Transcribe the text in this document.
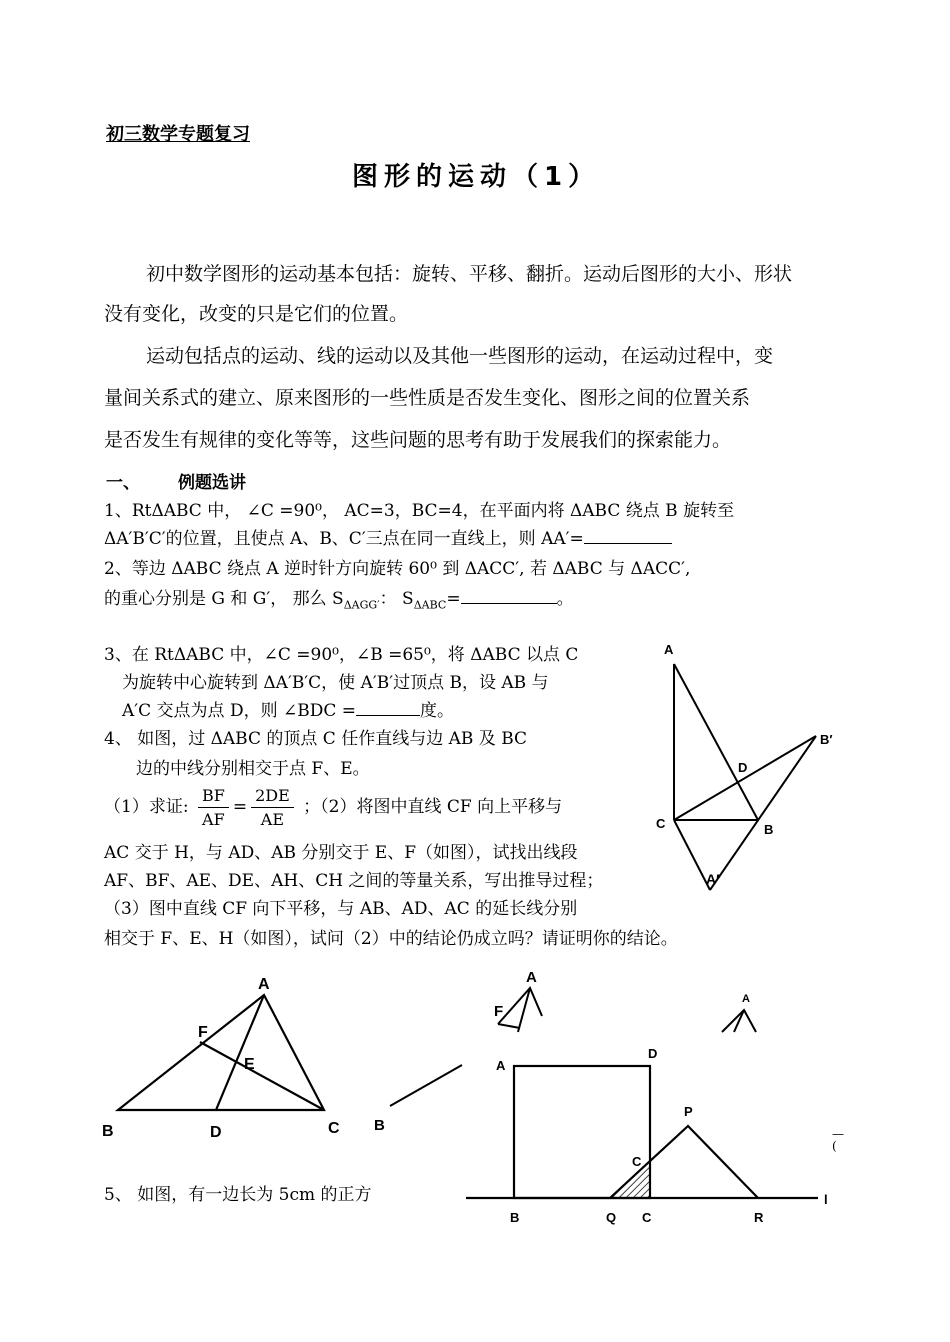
初三数学专题复习
图形的运动（1）
初中数学图形的运动基本包括：旋转、平移、翻折。运动后图形的大小、形状
没有变化，改变的只是它们的位置。
运动包括点的运动、线的运动以及其他一些图形的运动，在运动过程中，变
量间关系式的建立、原来图形的一些性质是否发生变化、图形之间的位置关系
是否发生有规律的变化等等，这些问题的思考有助于发展我们的探索能力。
一、 例题选讲
1、RtΔABC 中， ∠C =90⁰， AC=3，BC=4，在平面内将 ΔABC 绕点 B 旋转至
ΔA′B′C′的位置，且使点 A、B、C′三点在同一直线上，则 AA′=
2、等边 ΔABC 绕点 A 逆时针方向旋转 60⁰ 到 ΔACC′, 若 ΔABC 与 ΔACC′,
的重心分别是 G 和 G′， 那么 $S_{\Delta AGG'}$： $S_{\Delta ABC}=$	。
3、在 RtΔABC 中，∠C =90⁰，∠B =65⁰，将 ΔABC 以点 C
为旋转中心旋转到 ΔA′B′C，使 A′B′过顶点 B，设 AB 与
A′C 交点为点 D，则 ∠BDC =	度。
4、 如图，过 ΔABC 的顶点 C 任作直线与边 AB 及 BC
边的中线分别相交于点 F、E。
（1）求证: $\frac{BF}{AF} = \frac{2DE}{AE}$ ；（2）将图中直线 CF 向上平移与
AC 交于 H，与 AD、AB 分别交于 E、F（如图），试找出线段
AF、BF、AE、DE、AH、CH 之间的等量关系，写出推导过程；
（3）图中直线 CF 向下平移，与 AB、AD、AC 的延长线分别
相交于 F、E、H（如图），试问（2）中的结论仍成立吗？请证明你的结论。
5、 如图，有一边长为 5cm 的正方
A
B′
D
C	B
A′
A
F
E
B	D	C
A
F
B
A
A
D
P
C
B	Q C	R
l
—
(
